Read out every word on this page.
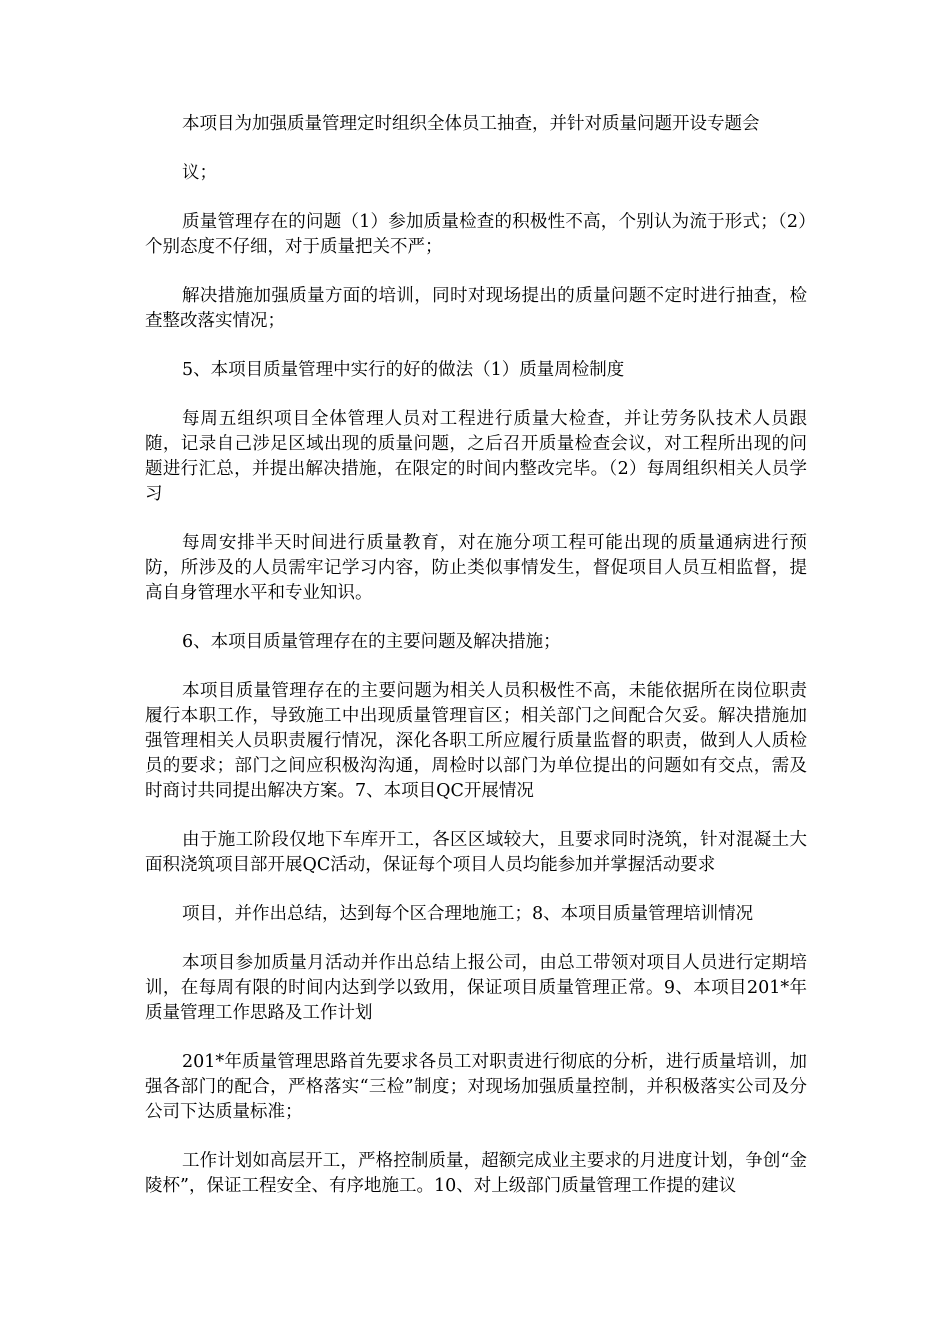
本项目为加强质量管理定时组织全体员工抽查，并针对质量问题开设专题会

议；

质量管理存在的问题（1）参加质量检查的积极性不高，个别认为流于形式；（2）个别态度不仔细，对于质量把关不严；

解决措施加强质量方面的培训，同时对现场提出的质量问题不定时进行抽查，检查整改落实情况；

5、本项目质量管理中实行的好的做法（1）质量周检制度

每周五组织项目全体管理人员对工程进行质量大检查，并让劳务队技术人员跟随，记录自己涉足区域出现的质量问题，之后召开质量检查会议，对工程所出现的问题进行汇总，并提出解决措施，在限定的时间内整改完毕。（2）每周组织相关人员学习

每周安排半天时间进行质量教育，对在施分项工程可能出现的质量通病进行预防，所涉及的人员需牢记学习内容，防止类似事情发生，督促项目人员互相监督，提高自身管理水平和专业知识。

6、本项目质量管理存在的主要问题及解决措施；

本项目质量管理存在的主要问题为相关人员积极性不高，未能依据所在岗位职责履行本职工作，导致施工中出现质量管理盲区；相关部门之间配合欠妥。解决措施加强管理相关人员职责履行情况，深化各职工所应履行质量监督的职责，做到人人质检员的要求；部门之间应积极沟沟通，周检时以部门为单位提出的问题如有交点，需及时商讨共同提出解决方案。7、本项目QC开展情况

由于施工阶段仅地下车库开工，各区区域较大，且要求同时浇筑，针对混凝土大面积浇筑项目部开展QC活动，保证每个项目人员均能参加并掌握活动要求

项目，并作出总结，达到每个区合理地施工；8、本项目质量管理培训情况

本项目参加质量月活动并作出总结上报公司，由总工带领对项目人员进行定期培训，在每周有限的时间内达到学以致用，保证项目质量管理正常。9、本项目201*年质量管理工作思路及工作计划

201*年质量管理思路首先要求各员工对职责进行彻底的分析，进行质量培训，加强各部门的配合，严格落实“三检”制度；对现场加强质量控制，并积极落实公司及分公司下达质量标准；

工作计划如高层开工，严格控制质量，超额完成业主要求的月进度计划，争创“金陵杯”，保证工程安全、有序地施工。10、对上级部门质量管理工作提的建议
